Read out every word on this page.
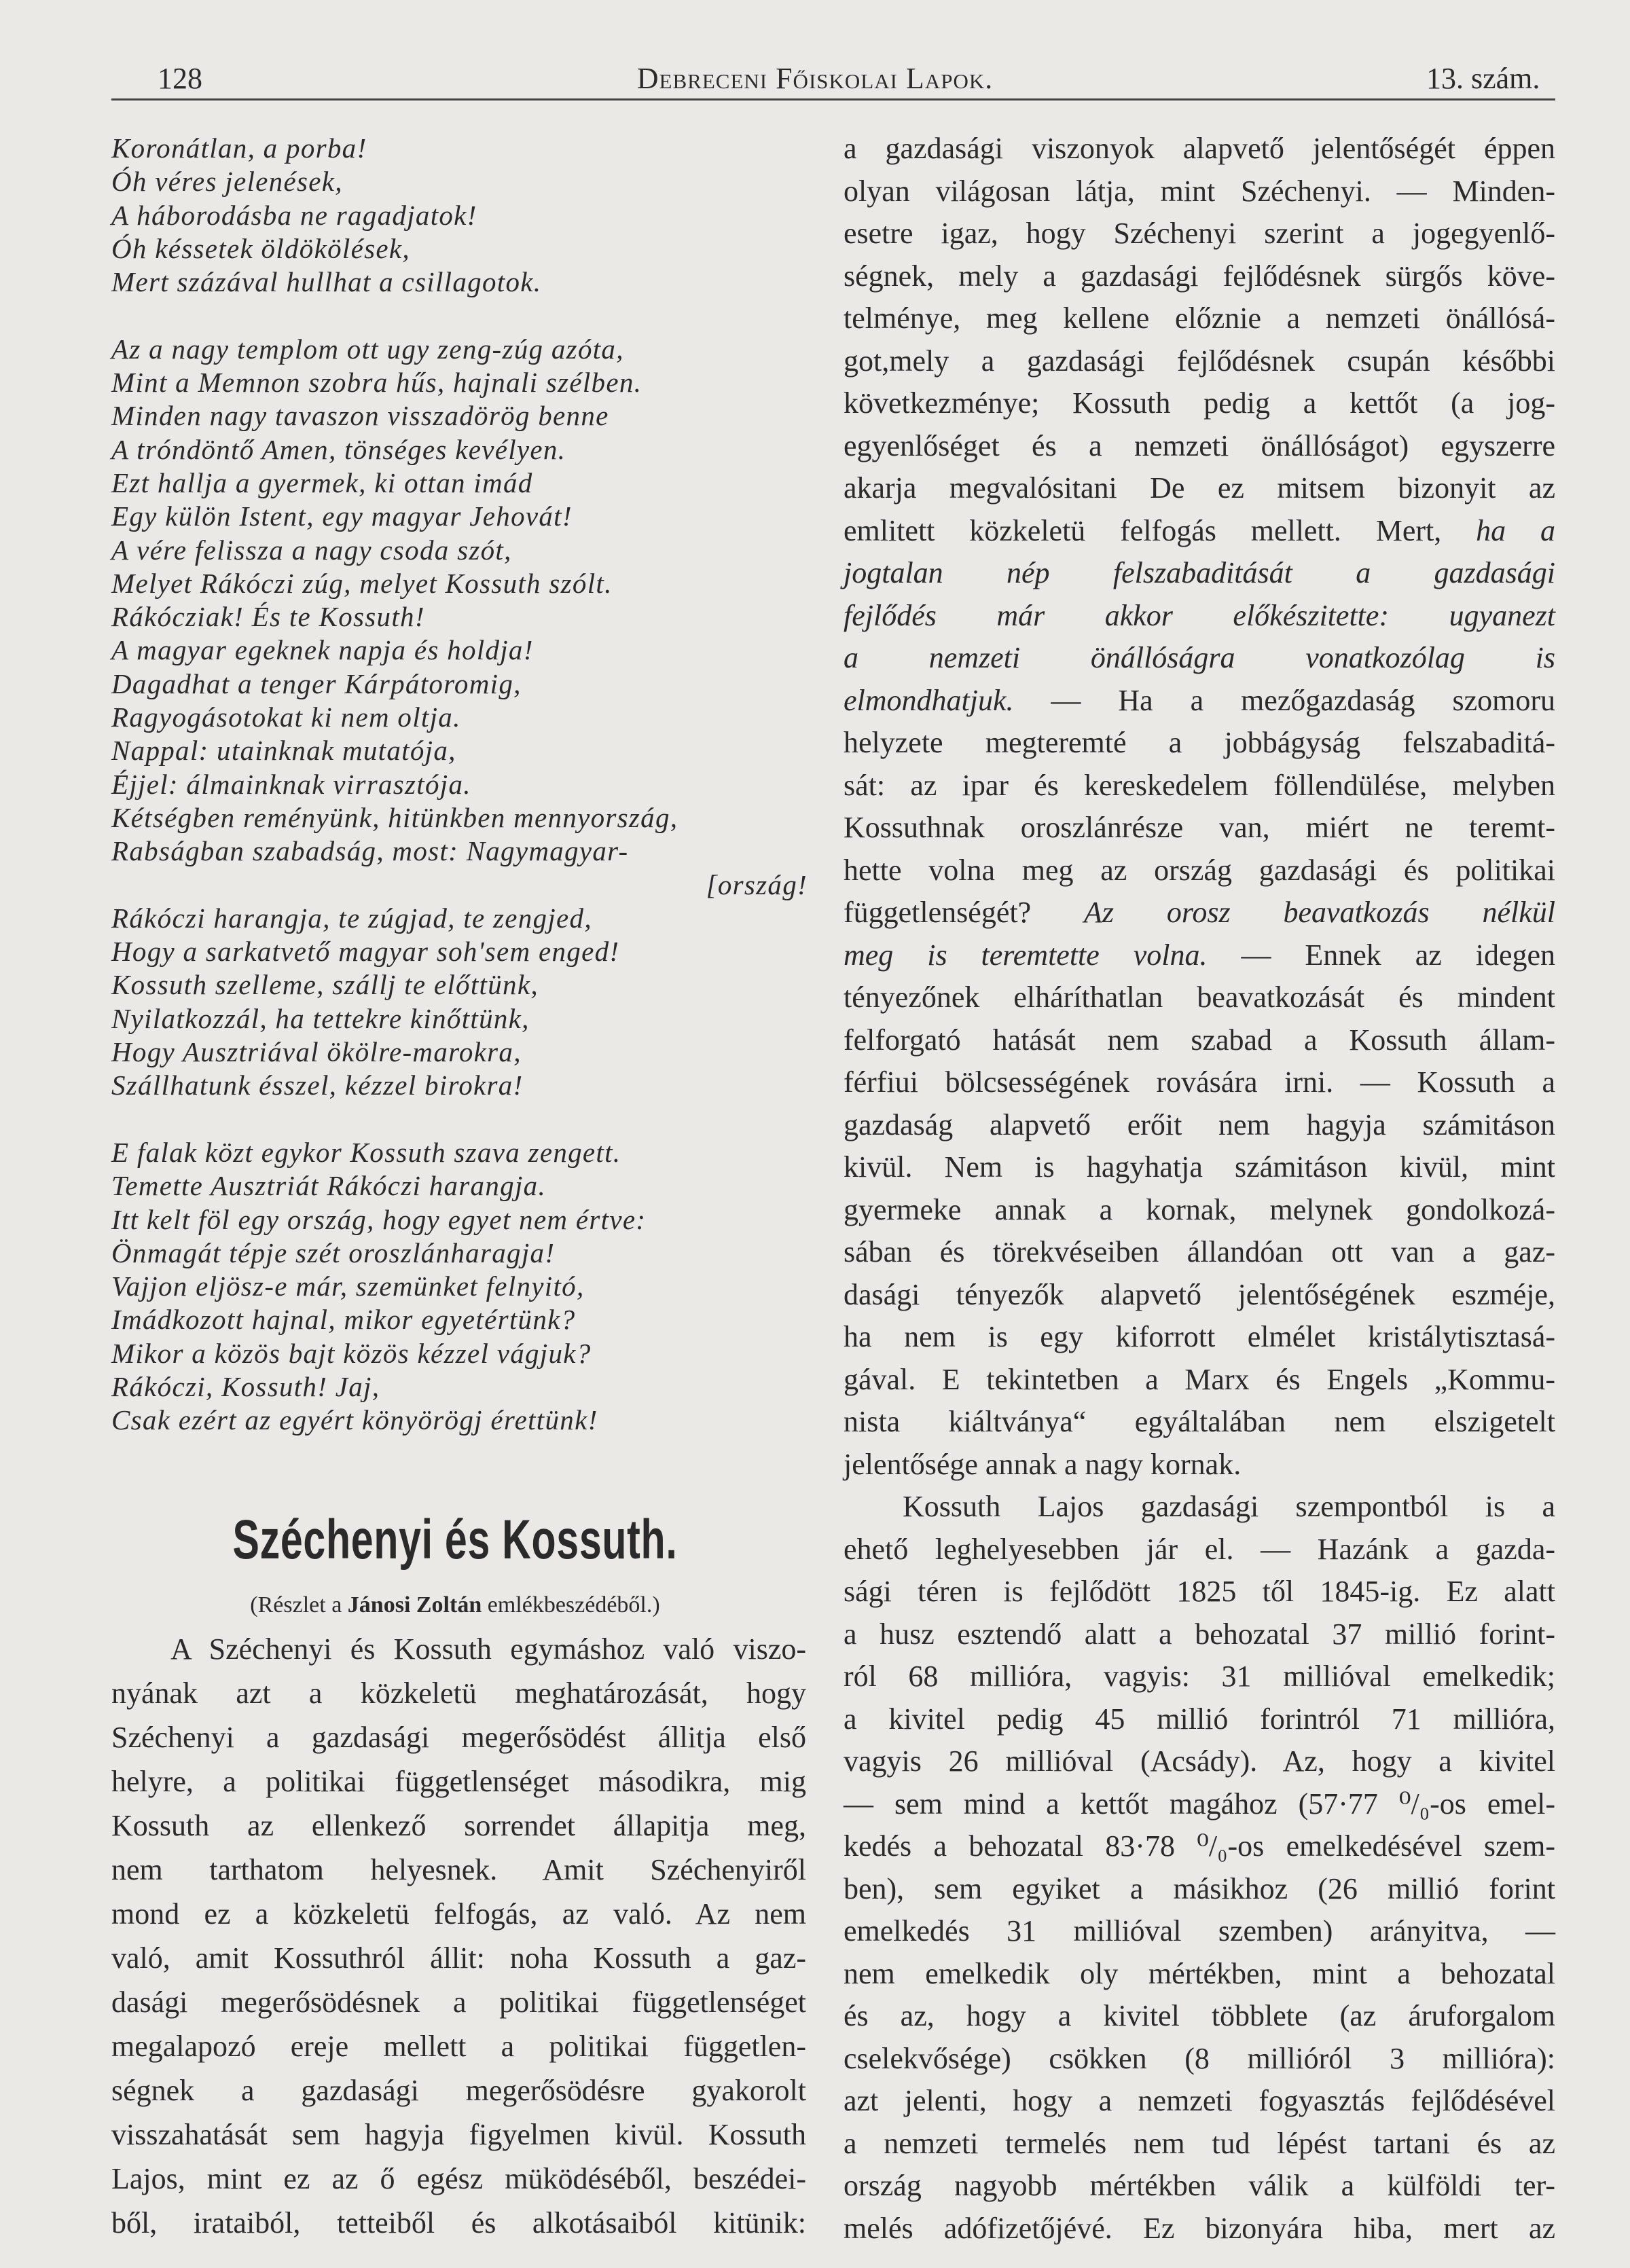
128	Debreceni Főiskolai Lapok.	13. szám.
Koronátlan, a porba!
Óh véres jelenések,
A háborodásba ne ragadjatok!
Óh késsetek öldökölések,
Mert százával hullhat a csillagotok.
Az a nagy templom ott ugy zeng-zúg azóta,
Mint a Memnon szobra hűs, hajnali szélben.
Minden nagy tavaszon visszadörög benne
A tróndöntő Amen, tönséges kevélyen.
Ezt hallja a gyermek, ki ottan imád
Egy külön Istent, egy magyar Jehovát!
A vére felissza a nagy csoda szót,
Melyet Rákóczi zúg, melyet Kossuth szólt.
Rákócziak! És te Kossuth!
A magyar egeknek napja és holdja!
Dagadhat a tenger Kárpátoromig,
Ragyogásotokat ki nem oltja.
Nappal: utainknak mutatója,
Éjjel: álmainknak virrasztója.
Kétségben reményünk, hitünkben mennyország,
Rabságban szabadság, most: Nagymagyar-
[ország!
Rákóczi harangja, te zúgjad, te zengjed,
Hogy a sarkatvető magyar soh'sem enged!
Kossuth szelleme, szállj te előttünk,
Nyilatkozzál, ha tettekre kinőttünk,
Hogy Ausztriával ökölre-marokra,
Szállhatunk ésszel, kézzel birokra!
E falak közt egykor Kossuth szava zengett.
Temette Ausztriát Rákóczi harangja.
Itt kelt föl egy ország, hogy egyet nem értve:
Önmagát tépje szét oroszlánharagja!
Vajjon eljösz-e már, szemünket felnyitó,
Imádkozott hajnal, mikor egyetértünk?
Mikor a közös bajt közös kézzel vágjuk?
Rákóczi, Kossuth! Jaj,
Csak ezért az egyért könyörögj érettünk!
Széchenyi és Kossuth.
(Részlet a Jánosi Zoltán emlékbeszédéből.)
A Széchenyi és Kossuth egymáshoz való viszo-
nyának azt a közkeletü meghatározását, hogy
Széchenyi a gazdasági megerősödést állitja első
helyre, a politikai függetlenséget másodikra, mig
Kossuth az ellenkező sorrendet állapitja meg,
nem tarthatom helyesnek. Amit Széchenyiről
mond ez a közkeletü felfogás, az való. Az nem
való, amit Kossuthról állit: noha Kossuth a gaz-
dasági megerősödésnek a politikai függetlenséget
megalapozó ereje mellett a politikai független-
ségnek a gazdasági megerősödésre gyakorolt
visszahatását sem hagyja figyelmen kivül. Kossuth
Lajos, mint ez az ő egész müködéséből, beszédei-
ből, irataiból, tetteiből és alkotásaiból kitünik:
a gazdasági viszonyok alapvető jelentőségét éppen
olyan világosan látja, mint Széchenyi. — Minden-
esetre igaz, hogy Széchenyi szerint a jogegyenlő-
ségnek, mely a gazdasági fejlődésnek sürgős köve-
telménye, meg kellene előznie a nemzeti önállósá-
got,mely a gazdasági fejlődésnek csupán későbbi
következménye; Kossuth pedig a kettőt (a jog-
egyenlőséget és a nemzeti önállóságot) egyszerre
akarja megvalósitani De ez mitsem bizonyit az
emlitett közkeletü felfogás mellett. Mert, ha a
jogtalan nép felszabaditását a gazdasági
fejlődés már akkor előkészitette: ugyanezt
a nemzeti önállóságra vonatkozólag is
elmondhatjuk. — Ha a mezőgazdaság szomoru
helyzete megteremté a jobbágyság felszabaditá-
sát: az ipar és kereskedelem föllendülése, melyben
Kossuthnak oroszlánrésze van, miért ne teremt-
hette volna meg az ország gazdasági és politikai
függetlenségét? Az orosz beavatkozás nélkül
meg is teremtette volna. — Ennek az idegen
tényezőnek elháríthatlan beavatkozását és mindent
felforgató hatását nem szabad a Kossuth állam-
férfiui bölcsességének rovására irni. — Kossuth a
gazdaság alapvető erőit nem hagyja számitáson
kivül. Nem is hagyhatja számitáson kivül, mint
gyermeke annak a kornak, melynek gondolkozá-
sában és törekvéseiben állandóan ott van a gaz-
dasági tényezők alapvető jelentőségének eszméje,
ha nem is egy kiforrott elmélet kristálytisztasá-
gával. E tekintetben a Marx és Engels „Kommu-
nista kiáltványa“ egyáltalában nem elszigetelt
jelentősége annak a nagy kornak.
Kossuth Lajos gazdasági szempontból is a
ehető leghelyesebben jár el. — Hazánk a gazda-
sági téren is fejlődött 1825 től 1845-ig. Ez alatt
a husz esztendő alatt a behozatal 37 millió forint-
ról 68 millióra, vagyis: 31 millióval emelkedik;
a kivitel pedig 45 millió forintról 71 millióra,
vagyis 26 millióval (Acsády). Az, hogy a kivitel
— sem mind a kettőt magához (57·77 ⁰/₀-os emel-
kedés a behozatal 83·78 ⁰/₀-os emelkedésével szem-
ben), sem egyiket a másikhoz (26 millió forint
emelkedés 31 millióval szemben) arányitva, —
nem emelkedik oly mértékben, mint a behozatal
és az, hogy a kivitel többlete (az áruforgalom
cselekvősége) csökken (8 millióról 3 millióra):
azt jelenti, hogy a nemzeti fogyasztás fejlődésével
a nemzeti termelés nem tud lépést tartani és az
ország nagyobb mértékben válik a külföldi ter-
melés adófizetőjévé. Ez bizonyára hiba, mert az
